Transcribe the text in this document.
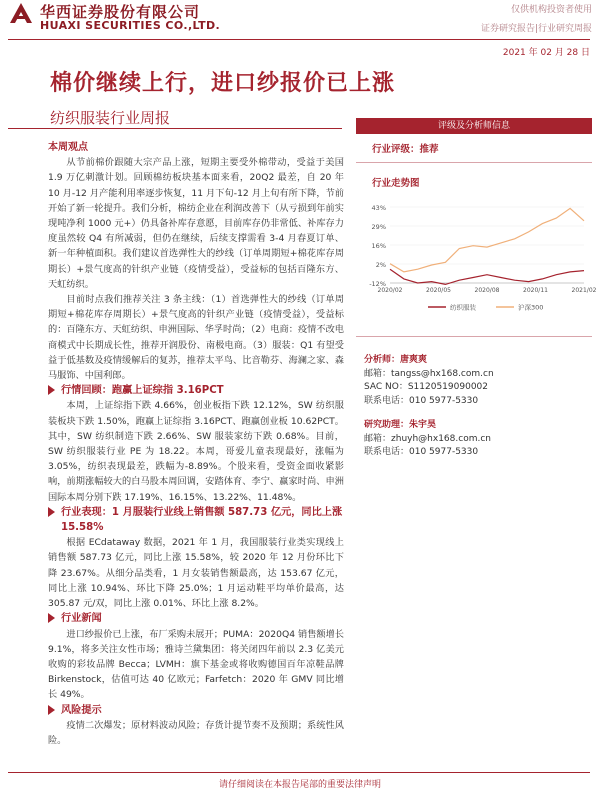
华西证券股份有限公司
HUAXI SECURITIES CO.,LTD.
仅供机构投资者使用
证券研究报告|行业研究周报
2021 年 02 月 28 日
棉价继续上行，进口纱报价已上涨
纺织服装行业周报
本周观点

从节前棉价跟随大宗产品上涨，短期主要受外棉带动，受益于美国 1.9 万亿刺激计划。回顾棉纺板块基本面来看，20Q2 最差，自 20 年 10 月-12 月产能利用率逐步恢复，11 月下旬-12 月上旬有所下降，节前开始了新一轮提升。我们分析，棉纺企业在利润改善下（从亏损到年前实现吨净利 1000 元+）仍具备补库存意愿，目前库存仍非常低、补库存力度虽然较 Q4 有所减弱，但仍在继续，后续支撑需看 3-4 月春夏订单、新一年种植面积。我们建议首选弹性大的纱线（订单周期短+棉花库存周期长）+景气度高的针织产业链（疫情受益），受益标的包括百隆东方、天虹纺织。

目前时点我们推荐关注 3 条主线：（1）首选弹性大的纱线（订单周期短+棉花库存周期长）+景气度高的针织产业链（疫情受益），受益标的：百隆东方、天虹纺织、申洲国际、华孚时尚；（2）电商：疫情不改电商模式中长期成长性，推荐开润股份、南极电商。（3）服装：Q1 有望受益于低基数及疫情缓解后的复苏，推荐太平鸟、比音勒芬、海澜之家、森马服饰、中国利郎。

行情回顾：跑赢上证综指 3.16PCT

本周，上证综指下跌 4.66%，创业板指下跌 12.12%，SW 纺织服装板块下跌 1.50%，跑赢上证综指 3.16PCT、跑赢创业板 10.62PCT。其中，SW 纺织制造下跌 2.66%、SW 服装家纺下跌 0.68%。目前，SW 纺织服装行业 PE 为 18.22。本周，哥爱儿童表现最好，涨幅为 3.05%，纺织表现最差，跌幅为-8.89%。个股来看，受资金面收紧影响，前期涨幅较大的白马股本周回调，安踏体育、李宁、赢家时尚、申洲国际本周分别下跌 17.19%、16.15%、13.22%、11.48%。

行业表现：1 月服装行业线上销售额 587.73 亿元，同比上涨 15.58%

根据 ECdataway 数据，2021 年 1 月，我国服装行业类实现线上销售额 587.73 亿元，同比上涨 15.58%，较 2020 年 12 月份环比下降 23.67%。从细分品类看，1 月女装销售额最高，达 153.67 亿元，同比上涨 10.94%、环比下降 25.0%；1 月运动鞋平均单价最高，达 305.87 元/双，同比上涨 0.01%、环比上涨 8.2%。

行业新闻

进口纱报价已上涨，布厂采购未展开；PUMA：2020Q4 销售额增长 9.1%，将多关注女性市场；雅诗兰黛集团：将关闭四年前以 2.3 亿美元收购的彩妆品牌 Becca；LVMH：旗下基金或将收购德国百年凉鞋品牌 Birkenstock，估值可达 40 亿欧元；Farfetch：2020 年 GMV 同比增长 49%。

风险提示

疫情二次爆发；原材料波动风险；存货计提节奏不及预期；系统性风险。

评级及分析师信息
行业评级：推荐
行业走势图
43%
29%
16%
2%
-12%
2020/02	2020/05	2020/08	2020/11	2021/02
纺织服装	沪深300
分析师：唐爽爽
邮箱：tangss@hx168.com.cn
SAC NO：S1120519090002
联系电话：010 5977-5330
研究助理：朱宇昊
邮箱：zhuyh@hx168.com.cn
联系电话：010 5977-5330
请仔细阅读在本报告尾部的重要法律声明
